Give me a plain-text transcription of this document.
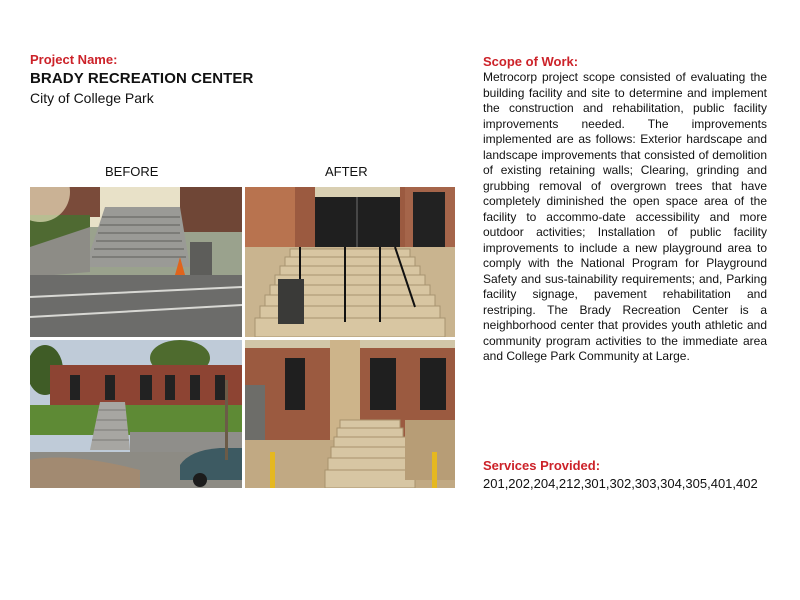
Project Name:
BRADY RECREATION CENTER
City of College Park
BEFORE	AFTER
Scope of Work:
Metrocorp project scope consisted of evaluating the building facility and site to determine and implement the construction and rehabilitation, public facility improvements needed. The improvements implemented are as follows: Exterior hardscape and landscape improvements that consisted of demolition of existing retaining walls; Clearing, grinding and grubbing removal of overgrown trees that have completely diminished the open space area of the facility to accommo-date accessibility and more outdoor activities; Installation of public facility improvements to include a new playground area to comply with the National Program for Playground Safety and sus-tainability requirements; and, Parking facility signage, pavement rehabilitation and restriping. The Brady Recreation Center is a neighborhood center that provides youth athletic and community program activities to the immediate area and College Park Community at Large.
Services Provided:
201,202,204,212,301,302,303,304,305,401,402
